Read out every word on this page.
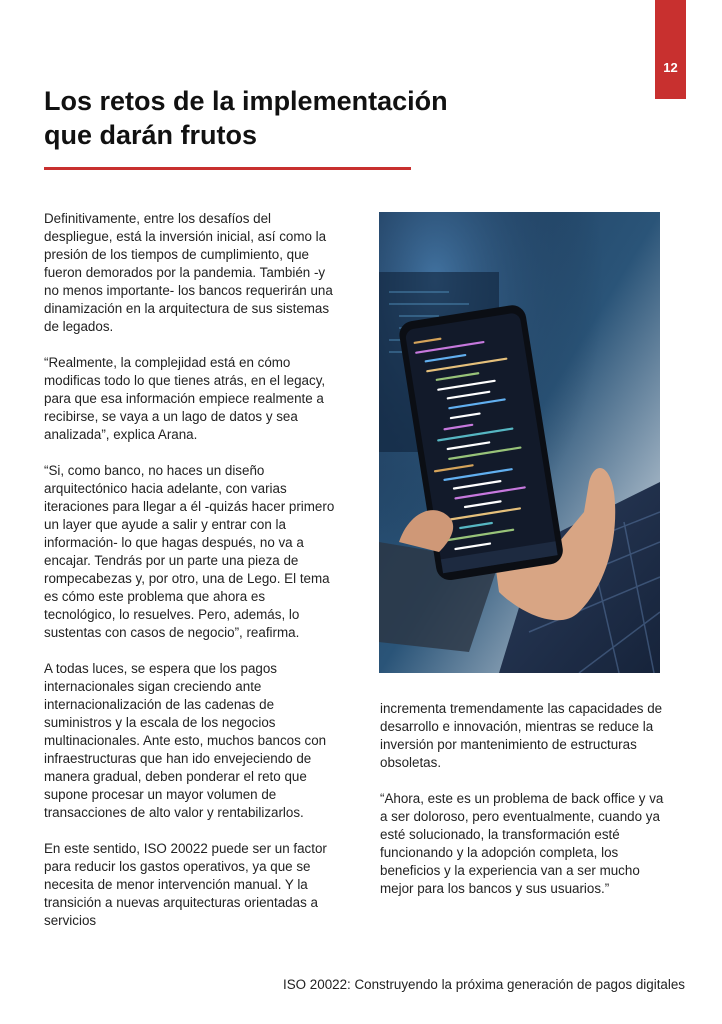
12
Los retos de la implementación
que darán frutos

Definitivamente, entre los desafíos del despliegue, está la inversión inicial, así como la presión de los tiempos de cumplimiento, que fueron demorados por la pandemia. También -y no menos importante- los bancos requerirán una dinamización en la arquitectura de sus sistemas de legados.

“Realmente, la complejidad está en cómo modificas todo lo que tienes atrás, en el legacy, para que esa información empiece realmente a recibirse, se vaya a un lago de datos y sea analizada”, explica Arana.

“Si, como banco, no haces un diseño arquitectónico hacia adelante, con varias iteraciones para llegar a él -quizás hacer primero un layer que ayude a salir y entrar con la información- lo que hagas después, no va a encajar. Tendrás por un parte una pieza de rompecabezas y, por otro, una de Lego. El tema es cómo este problema que ahora es tecnológico, lo resuelves. Pero, además, lo sustentas con casos de negocio”, reafirma.

A todas luces, se espera que los pagos internacionales sigan creciendo ante internacionalización de las cadenas de suministros y la escala de los negocios multinacionales. Ante esto, muchos bancos con infraestructuras que han ido envejeciendo de manera gradual, deben ponderar el reto que supone procesar un mayor volumen de transacciones de alto valor y rentabilizarlos.

En este sentido, ISO 20022 puede ser un factor para reducir los gastos operativos, ya que se necesita de menor intervención manual. Y la transición a nuevas arquitecturas orientadas a servicios

incrementa tremendamente las capacidades de desarrollo e innovación, mientras se reduce la inversión por mantenimiento de estructuras obsoletas.

“Ahora, este es un problema de back office y va a ser doloroso, pero eventualmente, cuando ya esté solucionado, la transformación esté funcionando y la adopción completa, los beneficios y la experiencia van a ser mucho mejor para los bancos y sus usuarios.”

ISO 20022: Construyendo la próxima generación de pagos digitales
